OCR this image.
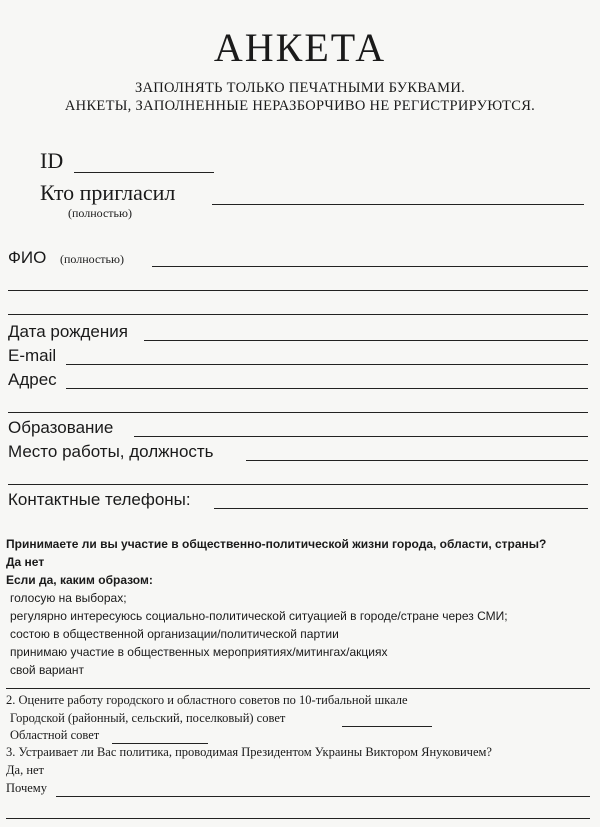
АНКЕТА
ЗАПОЛНЯТЬ ТОЛЬКО ПЕЧАТНЫМИ БУКВАМИ.
АНКЕТЫ, ЗАПОЛНЕННЫЕ НЕРАЗБОРЧИВО НЕ РЕГИСТРИРУЮТСЯ.
ID
Кто пригласил
(полностью)
ФИО (полностью)
Дата рождения
E-mail
Адрес
Образование
Место работы, должность
Контактные телефоны:
Принимаете ли вы участие в общественно-политической жизни города, области, страны?
Да нет
Если да, каким образом:
голосую на выборах;
регулярно интересуюсь социально-политической ситуацией в городе/стране через СМИ;
состою в общественной организации/политической партии
принимаю участие в общественных мероприятиях/митингах/акциях
свой вариант
2. Оцените работу городского и областного советов по 10-тибальной шкале
Городской (районный, сельский, поселковый) совет
Областной совет
3. Устраивает ли Вас политика, проводимая Президентом Украины Виктором Януковичем?
Да, нет
Почему
